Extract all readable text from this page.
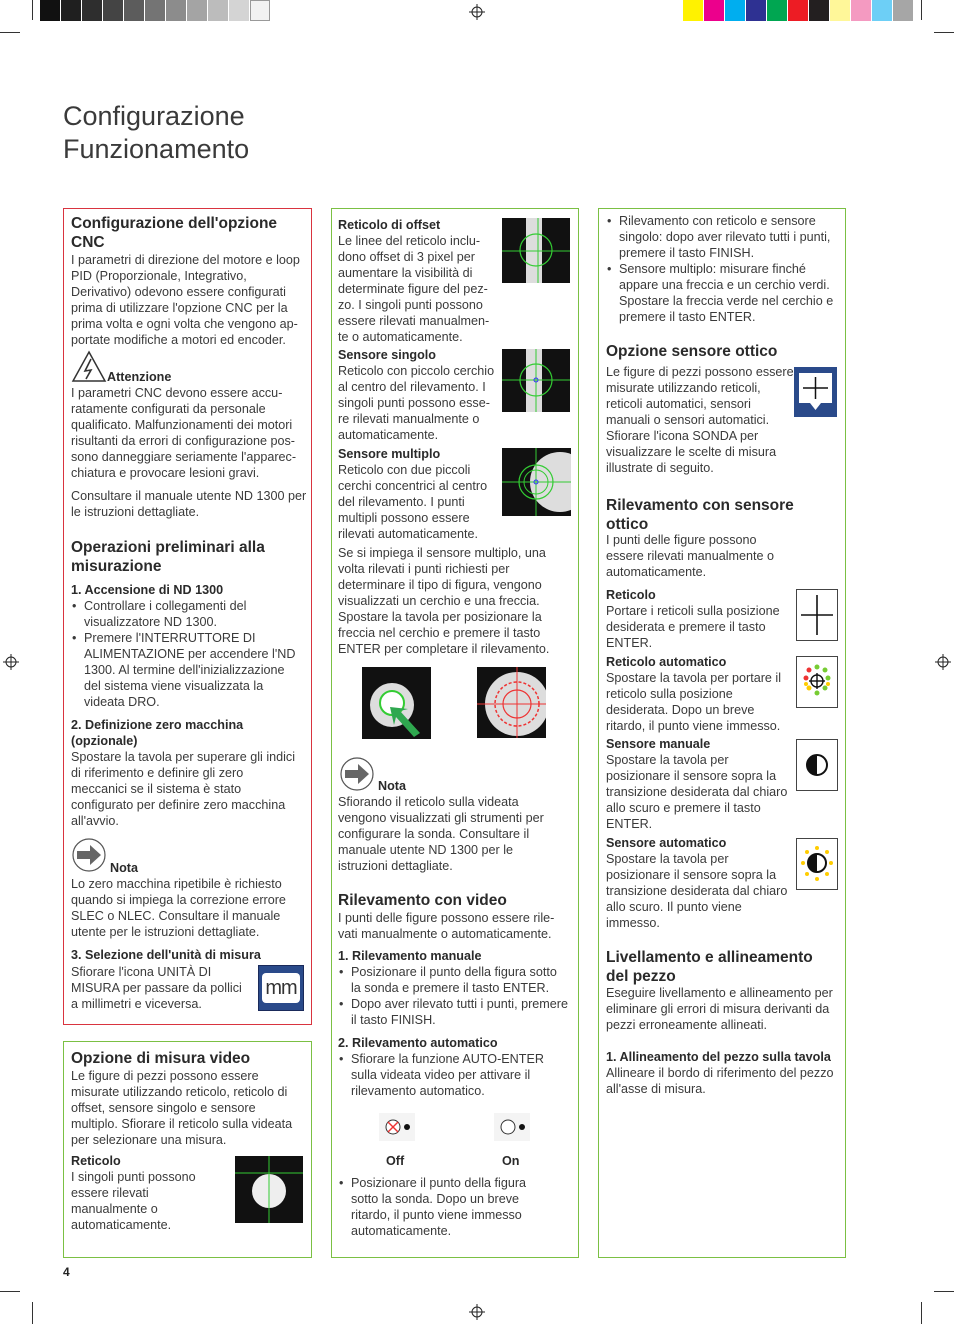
Configurazione
Funzionamento

Configurazione dell'opzione CNC

I parametri di direzione del motore e loop PID (Proporzionale, Integrativo, Derivativo) odevono essere configurati prima di utilizzare l'opzione CNC per la prima volta e ogni volta che vengono ap-portate modifiche a motori ed encoder.

Attenzione
I parametri CNC devono essere accu-ratamente configurati da personale qualificato. Malfunzionamenti dei motori risultanti da errori di configurazione pos-sono danneggiare seriamente l'apparec-chiatura e provocare lesioni gravi.
Consultare il manuale utente ND 1300 per le istruzioni dettagliate.
Operazioni preliminari alla misurazione
1. Accensione di ND 1300
• Controllare i collegamenti del visualizzatore ND 1300.
• Premere l'INTERRUTTORE DI ALIMENTAZIONE per accendere l'ND 1300. Al termine dell'inizializzazione del sistema viene visualizzata la videata DRO.
2. Definizione zero macchina (opzionale)
Spostare la tavola per superare gli indici di riferimento e definire gli zero meccanici se il sistema è stato configurato per definire zero macchina all'avvio.
Nota
Lo zero macchina ripetibile è richiesto quando si impiega la correzione errore SLEC o NLEC. Consultare il manuale utente per le istruzioni dettagliate.
3. Selezione dell'unità di misura
Sfiorare l'icona UNITÀ DI MISURA per passare da pollici a millimetri e viceversa.
mm

Opzione di misura video

Le figure di pezzi possono essere misurate utilizzando reticolo, reticolo di offset, sensore singolo e sensore multiplo. Sfiorare il reticolo sulla videata per selezionare una misura.

Reticolo
I singoli punti possono essere rilevati manualmente o automaticamente.
Reticolo di offset
Le linee del reticolo inclu-dono offset di 3 pixel per aumentare la visibilità di determinate figure del pez-zo. I singoli punti possono essere rilevati manualmen-te o automaticamente.
Sensore singolo
Reticolo con piccolo cerchio al centro del rilevamento. I singoli punti possono esse-re rilevati manualmente o automaticamente.
Sensore multiplo
Reticolo con due piccoli cerchi concentrici al centro del rilevamento. I punti multipli possono essere rilevati automaticamente.
Se si impiega il sensore multiplo, una volta rilevati i punti richiesti per determinare il tipo di figura, vengono visualizzati un cerchio e una freccia. Spostare la tavola per posizionare la freccia nel cerchio e premere il tasto ENTER per completare il rilevamento.
Nota
Sfiorando il reticolo sulla videata vengono visualizzati gli strumenti per configurare la sonda. Consultare il manuale utente ND 1300 per le istruzioni dettagliate.
Rilevamento con video
I punti delle figure possono essere rile-vati manualmente o automaticamente.
1. Rilevamento manuale
• Posizionare il punto della figura sotto la sonda e premere il tasto ENTER.
• Dopo aver rilevato tutti i punti, premere il tasto FINISH.
2. Rilevamento automatico
• Sfiorare la funzione AUTO-ENTER sulla videata video per attivare il rilevamento automatico.
Off	On
• Posizionare il punto della figura sotto la sonda. Dopo un breve ritardo, il punto viene immesso automaticamente.
• Rilevamento con reticolo e sensore singolo: dopo aver rilevato tutti i punti, premere il tasto FINISH.
• Sensore multiplo: misurare finché appare una freccia e un cerchio verdi. Spostare la freccia verde nel cerchio e premere il tasto ENTER.
Opzione sensore ottico
Le figure di pezzi possono essere misurate utilizzando reticoli, reticoli automatici, sensori manuali o sensori automatici. Sfiorare l'icona SONDA per visualizzare le scelte di misura illustrate di seguito.
Rilevamento con sensore ottico
I punti delle figure possono essere rilevati manualmente o automaticamente.
Reticolo
Portare i reticoli sulla posizione desiderata e premere il tasto ENTER.
Reticolo automatico
Spostare la tavola per portare il reticolo sulla posizione desiderata. Dopo un breve ritardo, il punto viene immesso.
Sensore manuale
Spostare la tavola per posizionare il sensore sopra la transizione desiderata dal chiaro allo scuro e premere il tasto ENTER.
Sensore automatico
Spostare la tavola per posizionare il sensore sopra la transizione desiderata dal chiaro allo scuro. Il punto viene immesso.
Livellamento e allineamento del pezzo
Eseguire livellamento e allineamento per eliminare gli errori di misura derivanti da pezzi erroneamente allineati.
1. Allineamento del pezzo sulla tavola
Allineare il bordo di riferimento del pezzo all'asse di misura.
4
